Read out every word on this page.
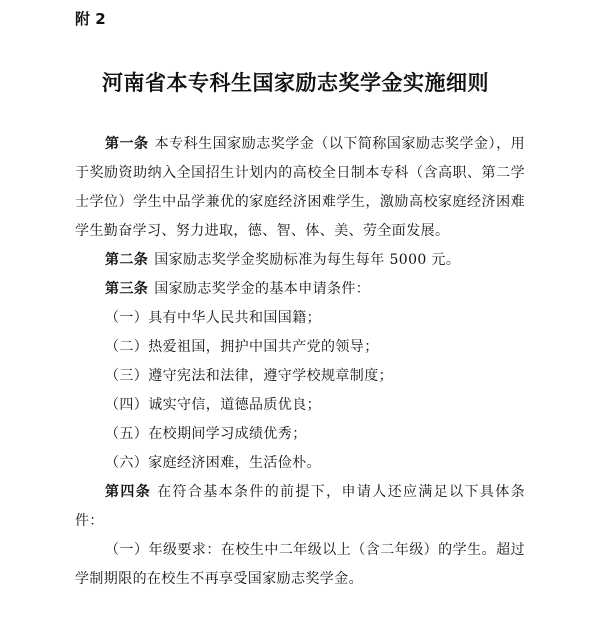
附 2
河南省本专科生国家励志奖学金实施细则

第一条 本专科生国家励志奖学金（以下简称国家励志奖学金），用于奖励资助纳入全国招生计划内的高校全日制本专科（含高职、第二学士学位）学生中品学兼优的家庭经济困难学生，激励高校家庭经济困难学生勤奋学习、努力进取，德、智、体、美、劳全面发展。

第二条 国家励志奖学金奖励标准为每生每年 5000 元。

第三条 国家励志奖学金的基本申请条件：

（一）具有中华人民共和国国籍；

（二）热爱祖国，拥护中国共产党的领导；

（三）遵守宪法和法律，遵守学校规章制度；

（四）诚实守信，道德品质优良；

（五）在校期间学习成绩优秀；

（六）家庭经济困难，生活俭朴。

第四条 在符合基本条件的前提下，申请人还应满足以下具体条件：

（一）年级要求：在校生中二年级以上（含二年级）的学生。超过学制期限的在校生不再享受国家励志奖学金。
